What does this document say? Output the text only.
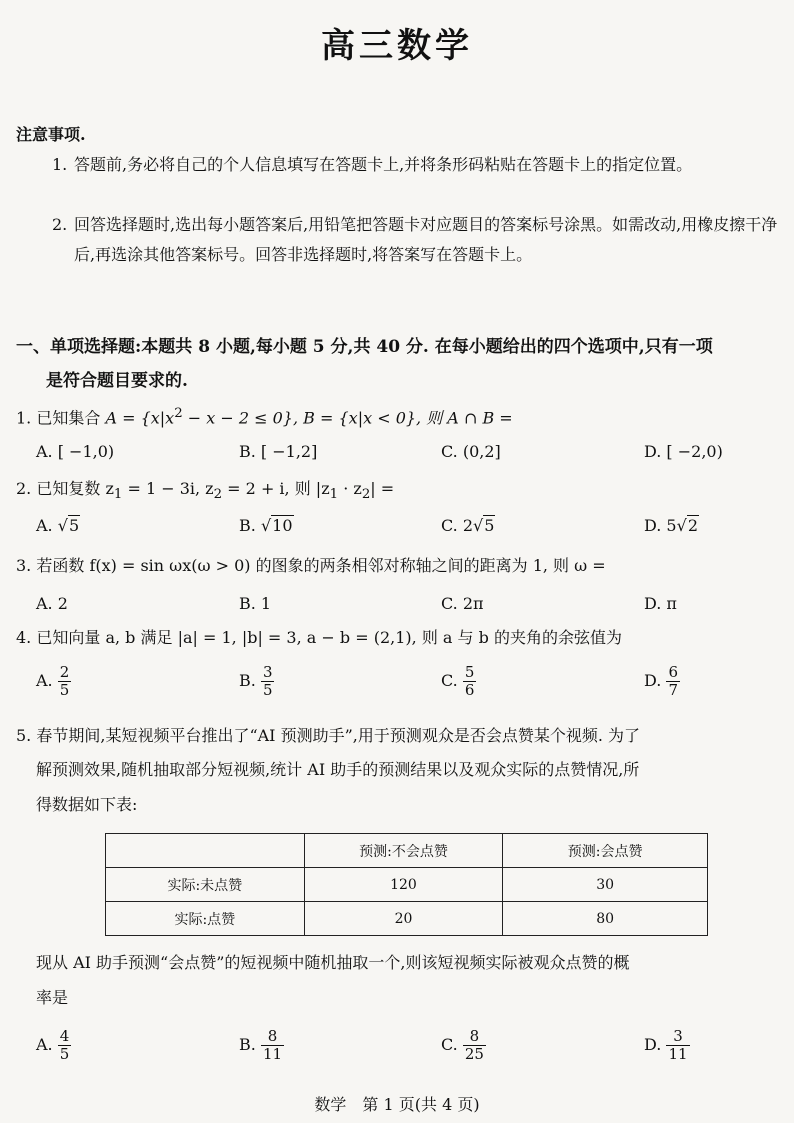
高三数学
注意事项.
1. 答题前,务必将自己的个人信息填写在答题卡上,并将条形码粘贴在答题卡上的指定位置。
2. 回答选择题时,选出每小题答案后,用铅笔把答题卡对应题目的答案标号涂黑。如需改动,用橡皮擦干净后,再选涂其他答案标号。回答非选择题时,将答案写在答题卡上。
一、单项选择题:本题共 8 小题,每小题 5 分,共 40 分. 在每小题给出的四个选项中,只有一项
是符合题目要求的.
1. 已知集合 $A = \{x|x^2 - x - 2 \le 0\}$, B = {x|x < 0}, 则 A ∩ B =
A. [ −1,0)	B. [ −1,2]	C. (0,2]	D. [ −2,0)
2. 已知复数 $z_1 = 1 - 3i$, $z_2 = 2 + i$, 则 $|z_1 \cdot z_2|$ =
A. √5	B. √10	C. 2√5	D. 5√2
3. 若函数 f(x) = sin ωx(ω > 0) 的图象的两条相邻对称轴之间的距离为 1, 则 ω =
A. 2	B. 1	C. 2π	D. π
4. 已知向量 a, b 满足 |a| = 1, |b| = 3, a − b = (2,1), 则 a 与 b 的夹角的余弦值为
A. $\frac{2}{5}$	B. $\frac{3}{5}$	C. $\frac{5}{6}$	D. $\frac{6}{7}$
5. 春节期间,某短视频平台推出了“AI 预测助手”,用于预测观众是否会点赞某个视频. 为了
解预测效果,随机抽取部分短视频,统计 AI 助手的预测结果以及观众实际的点赞情况,所
得数据如下表:
	预测:不会点赞	预测:会点赞
实际:未点赞	120	30
实际:点赞	20	80
现从 AI 助手预测“会点赞”的短视频中随机抽取一个,则该短视频实际被观众点赞的概
率是
A. $\frac{4}{5}$	B. $\frac{8}{11}$	C. $\frac{8}{25}$	D. $\frac{3}{11}$
数学　第 1 页(共 4 页)
